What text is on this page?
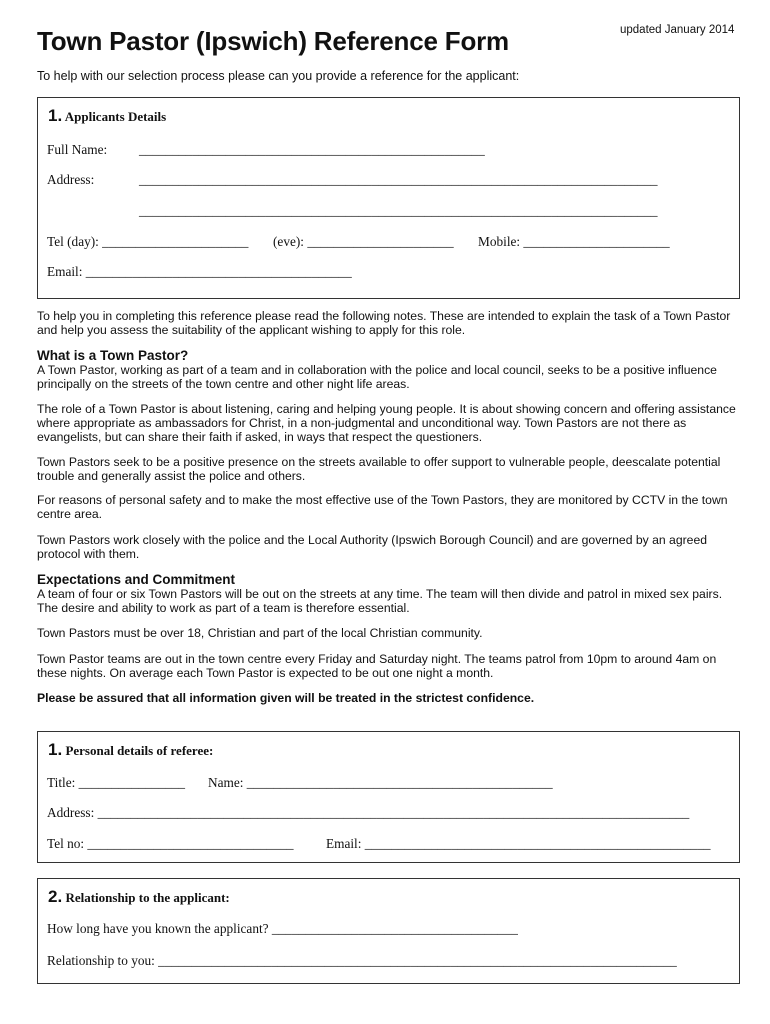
updated January 2014
Town Pastor (Ipswich) Reference Form
To help with our selection process please can you provide a reference for the applicant:
1. Applicants Details
Full Name: ____________________________________________________
Address:	______________________________________________________________________________
______________________________________________________________________________
Tel (day): ______________________ (eve): ______________________ Mobile: ______________________
Email: ________________________________________
To help you in completing this reference please read the following notes. These are intended to explain the task of a Town Pastor and help you assess the suitability of the applicant wishing to apply for this role.
What is a Town Pastor?
A Town Pastor, working as part of a team and in collaboration with the police and local council, seeks to be a positive influence principally on the streets of the town centre and other night life areas.
The role of a Town Pastor is about listening, caring and helping young people. It is about showing concern and offering assistance where appropriate as ambassadors for Christ, in a non-judgmental and unconditional way. Town Pastors are not there as evangelists, but can share their faith if asked, in ways that respect the questioners.
Town Pastors seek to be a positive presence on the streets available to offer support to vulnerable people, deescalate potential trouble and generally assist the police and others.
For reasons of personal safety and to make the most effective use of the Town Pastors, they are monitored by CCTV in the town centre area.
Town Pastors work closely with the police and the Local Authority (Ipswich Borough Council) and are governed by an agreed protocol with them.
Expectations and Commitment
A team of four or six Town Pastors will be out on the streets at any time. The team will then divide and patrol in mixed sex pairs. The desire and ability to work as part of a team is therefore essential.
Town Pastors must be over 18, Christian and part of the local Christian community.
Town Pastor teams are out in the town centre every Friday and Saturday night. The teams patrol from 10pm to around 4am on these nights. On average each Town Pastor is expected to be out one night a month.
Please be assured that all information given will be treated in the strictest confidence.
1. Personal details of referee:
Title: ________________ Name: ______________________________________________
Address: _________________________________________________________________________________________
Tel no: _______________________________ Email: ____________________________________________________
2. Relationship to the applicant:
How long have you known the applicant? _____________________________________
Relationship to you: ______________________________________________________________________________
